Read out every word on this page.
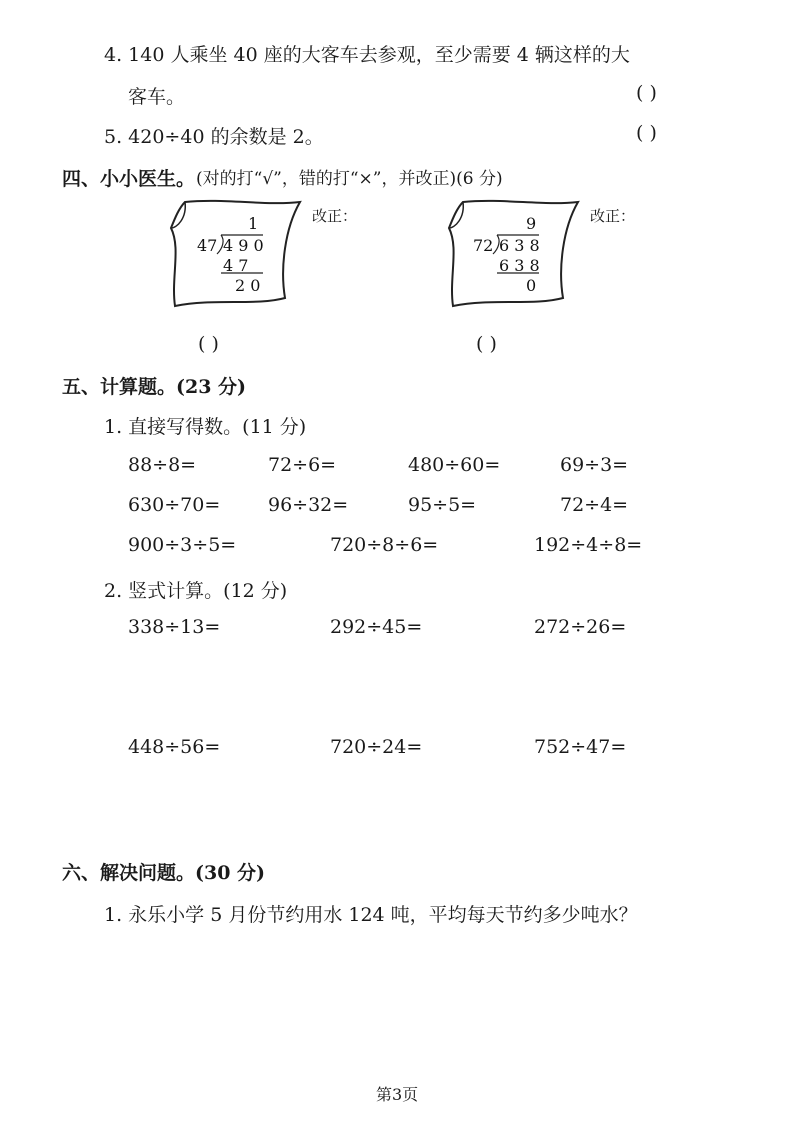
4. 140 人乘坐 40 座的大客车去参观，至少需要 4 辆这样的大
客车。	( )
5. 420÷40 的余数是 2。	( )
四、小小医生。 (对的打“√”，错的打“×”，并改正)(6 分)
1
47 4 9 0
4 7
2 0
改正：
( )
9
72 6 3 8
6 3 8
0
改正：
( )
五、计算题。(23 分)
1. 直接写得数。(11 分)
88÷8=	72÷6=	480÷60=	69÷3=
630÷70=	96÷32=	95÷5=	72÷4=
900÷3÷5=	720÷8÷6=	192÷4÷8=
2. 竖式计算。(12 分)
338÷13=	292÷45=	272÷26=
448÷56=	720÷24=	752÷47=
六、解决问题。(30 分)
1. 永乐小学 5 月份节约用水 124 吨，平均每天节约多少吨水？
第3页
